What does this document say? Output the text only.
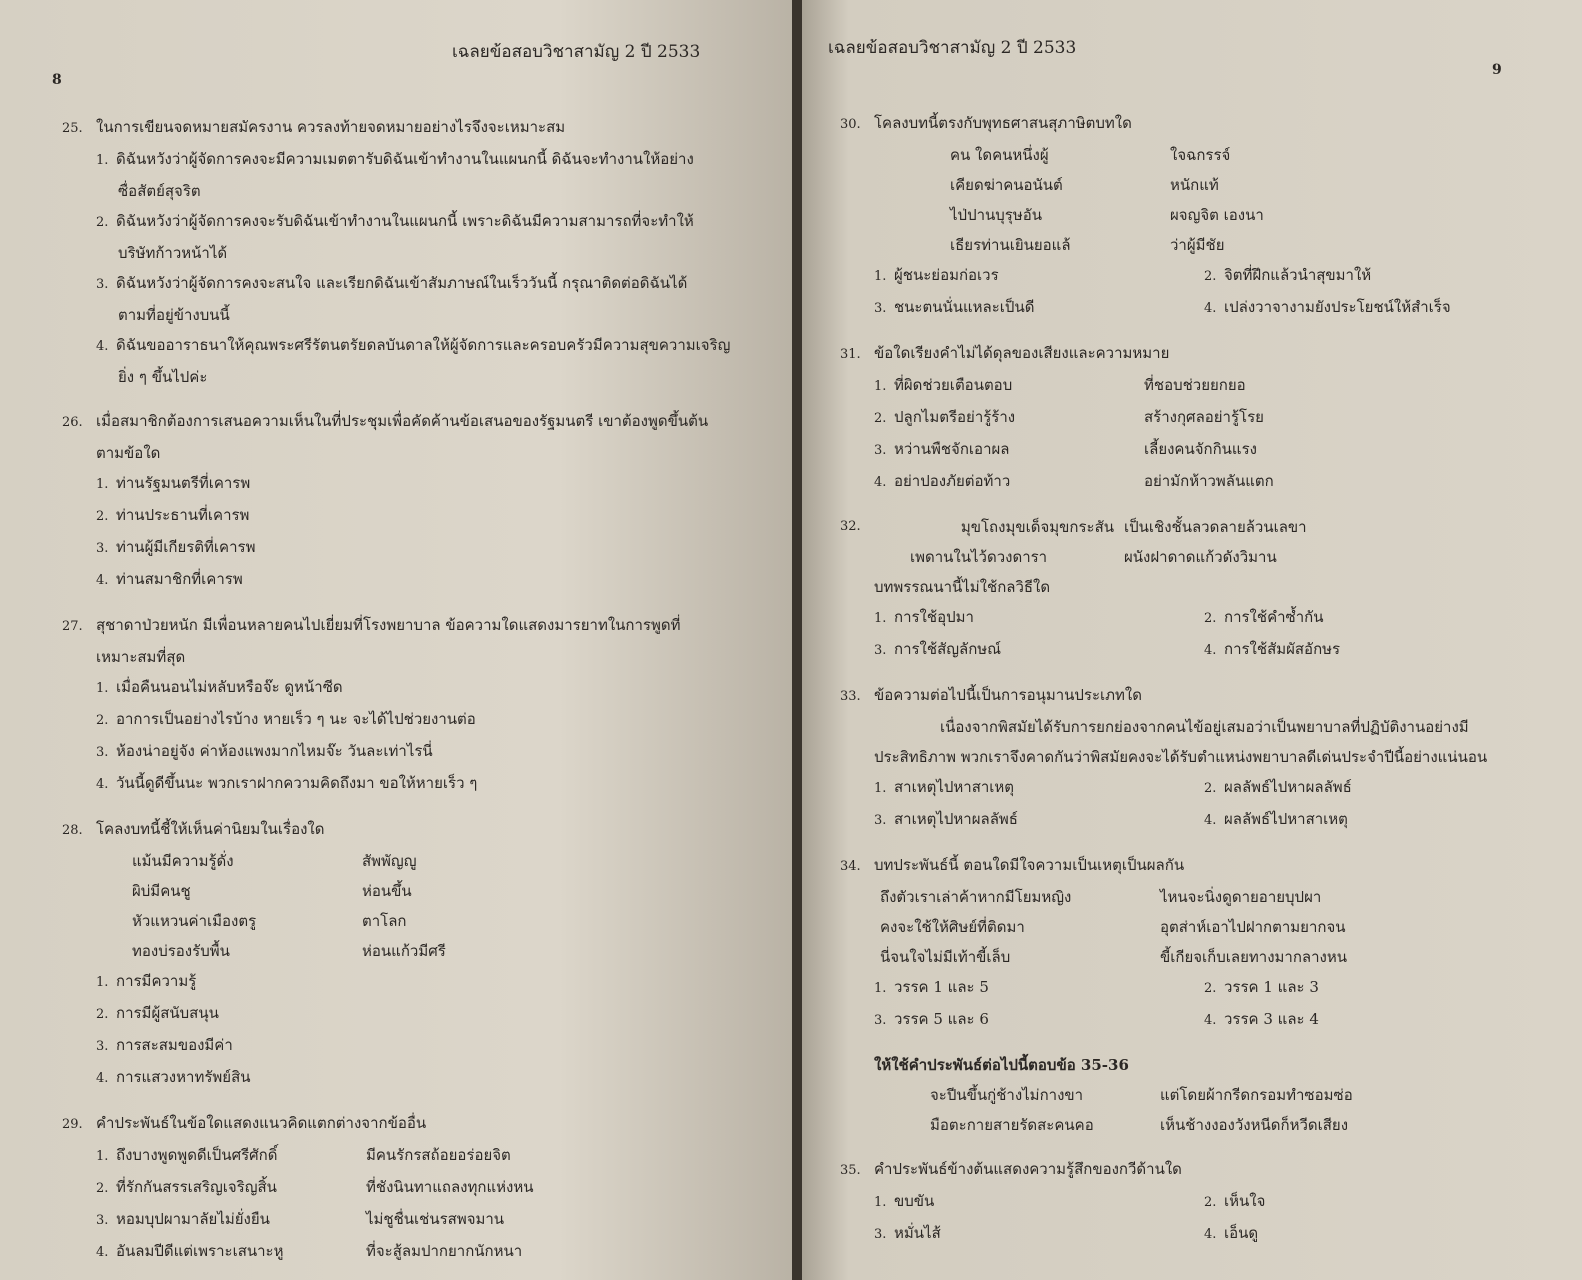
เฉลยข้อสอบวิชาสามัญ 2 ปี 2533
8
25. ในการเขียนจดหมายสมัครงาน ควรลงท้ายจดหมายอย่างไรจึงจะเหมาะสม
1. ดิฉันหวังว่าผู้จัดการคงจะมีความเมตตารับดิฉันเข้าทำงานในแผนกนี้ ดิฉันจะทำงานให้อย่าง
ซื่อสัตย์สุจริต
2. ดิฉันหวังว่าผู้จัดการคงจะรับดิฉันเข้าทำงานในแผนกนี้ เพราะดิฉันมีความสามารถที่จะทำให้
บริษัทก้าวหน้าได้
3. ดิฉันหวังว่าผู้จัดการคงจะสนใจ และเรียกดิฉันเข้าสัมภาษณ์ในเร็ววันนี้ กรุณาติดต่อดิฉันได้
ตามที่อยู่ข้างบนนี้
4. ดิฉันขออาราธนาให้คุณพระศรีรัตนตรัยดลบันดาลให้ผู้จัดการและครอบครัวมีความสุขความเจริญ
ยิ่ง ๆ ขึ้นไปค่ะ
26. เมื่อสมาชิกต้องการเสนอความเห็นในที่ประชุมเพื่อคัดค้านข้อเสนอของรัฐมนตรี เขาต้องพูดขึ้นต้น
ตามข้อใด
1. ท่านรัฐมนตรีที่เคารพ
2. ท่านประธานที่เคารพ
3. ท่านผู้มีเกียรติที่เคารพ
4. ท่านสมาชิกที่เคารพ
27. สุชาดาป่วยหนัก มีเพื่อนหลายคนไปเยี่ยมที่โรงพยาบาล ข้อความใดแสดงมารยาทในการพูดที่
เหมาะสมที่สุด
1. เมื่อคืนนอนไม่หลับหรือจ๊ะ ดูหน้าซีด
2. อาการเป็นอย่างไรบ้าง หายเร็ว ๆ นะ จะได้ไปช่วยงานต่อ
3. ห้องน่าอยู่จัง ค่าห้องแพงมากไหมจ๊ะ วันละเท่าไรนี่
4. วันนี้ดูดีขึ้นนะ พวกเราฝากความคิดถึงมา ขอให้หายเร็ว ๆ
28. โคลงบทนี้ชี้ให้เห็นค่านิยมในเรื่องใด
แม้นมีความรู้ดั่ง	สัพพัญญู
ผิบ่มีคนชู	ห่อนขึ้น
หัวแหวนค่าเมืองตรู	ตาโลก
ทองบ่รองรับพื้น	ห่อนแก้วมีศรี
1. การมีความรู้
2. การมีผู้สนับสนุน
3. การสะสมของมีค่า
4. การแสวงหาทรัพย์สิน
29. คำประพันธ์ในข้อใดแสดงแนวคิดแตกต่างจากข้ออื่น
1. ถึงบางพูดพูดดีเป็นศรีศักดิ์	มีคนรักรสถ้อยอร่อยจิต
2. ที่รักกันสรรเสริญเจริญสิ้น	ที่ชังนินทาแถลงทุกแห่งหน
3. หอมบุปผามาลัยไม่ยั่งยืน	ไม่ชูชื่นเช่นรสพจมาน
4. อันลมปีดีแต่เพราะเสนาะหู	ที่จะสู้ลมปากยากนักหนา
เฉลยข้อสอบวิชาสามัญ 2 ปี 2533
9
30. โคลงบทนี้ตรงกับพุทธศาสนสุภาษิตบทใด
คน ใดคนหนึ่งผู้	ใจฉกรรจ์
เคียดฆ่าคนอนันต์	หนักแท้
ไป่ปานบุรุษอัน	ผจญจิต เองนา
เธียรท่านเยินยอแล้	ว่าผู้มีชัย
1. ผู้ชนะย่อมก่อเวร	2. จิตที่ฝึกแล้วนำสุขมาให้
3. ชนะตนนั่นแหละเป็นดี	4. เปล่งวาจางามยังประโยชน์ให้สำเร็จ
31. ข้อใดเรียงคำไม่ได้ดุลของเสียงและความหมาย
1. ที่ผิดช่วยเตือนตอบ	ที่ชอบช่วยยกยอ
2. ปลูกไมตรีอย่ารู้ร้าง	สร้างกุศลอย่ารู้โรย
3. หว่านพืชจักเอาผล	เลี้ยงคนจักกินแรง
4. อย่าปองภัยต่อท้าว	อย่ามักห้าวพลันแตก
32.	มุขโถงมุขเด็จมุขกระสัน เป็นเชิงชั้นลวดลายล้วนเลขา
เพดานในไว้ดวงดารา	ผนังฝาดาดแก้วดังวิมาน
บทพรรณนานี้ไม่ใช้กลวิธีใด
1. การใช้อุปมา	2. การใช้คำซ้ำกัน
3. การใช้สัญลักษณ์	4. การใช้สัมผัสอักษร
33. ข้อความต่อไปนี้เป็นการอนุมานประเภทใด
เนื่องจากพิสมัยได้รับการยกย่องจากคนไข้อยู่เสมอว่าเป็นพยาบาลที่ปฏิบัติงานอย่างมี
ประสิทธิภาพ พวกเราจึงคาดกันว่าพิสมัยคงจะได้รับตำแหน่งพยาบาลดีเด่นประจำปีนี้อย่างแน่นอน
1. สาเหตุไปหาสาเหตุ	2. ผลลัพธ์ไปหาผลลัพธ์
3. สาเหตุไปหาผลลัพธ์	4. ผลลัพธ์ไปหาสาเหตุ
34. บทประพันธ์นี้ ตอนใดมีใจความเป็นเหตุเป็นผลกัน
ถึงตัวเราเล่าค้าหากมีโยมหญิง	ไหนจะนิ่งดูดายอายบุปผา
คงจะใช้ให้ศิษย์ที่ติดมา	อุตส่าห์เอาไปฝากตามยากจน
นี่จนใจไม่มีเท้าขี้เล็บ	ขี้เกียจเก็บเลยทางมากลางหน
1. วรรค 1 และ 5	2. วรรค 1 และ 3
3. วรรค 5 และ 6	4. วรรค 3 และ 4
ให้ใช้คำประพันธ์ต่อไปนี้ตอบข้อ 35-36
จะปีนขึ้นกู่ช้างไม่กางขา	แต่โดยผ้ากรีดกรอมทำซอมซ่อ
มือตะกายสายรัดสะคนคอ	เห็นช้างงองวังหนีดก็หวีดเสียง
35. คำประพันธ์ข้างต้นแสดงความรู้สึกของกวีด้านใด
1. ขบขัน	2. เห็นใจ
3. หมั่นไส้	4. เอ็นดู
